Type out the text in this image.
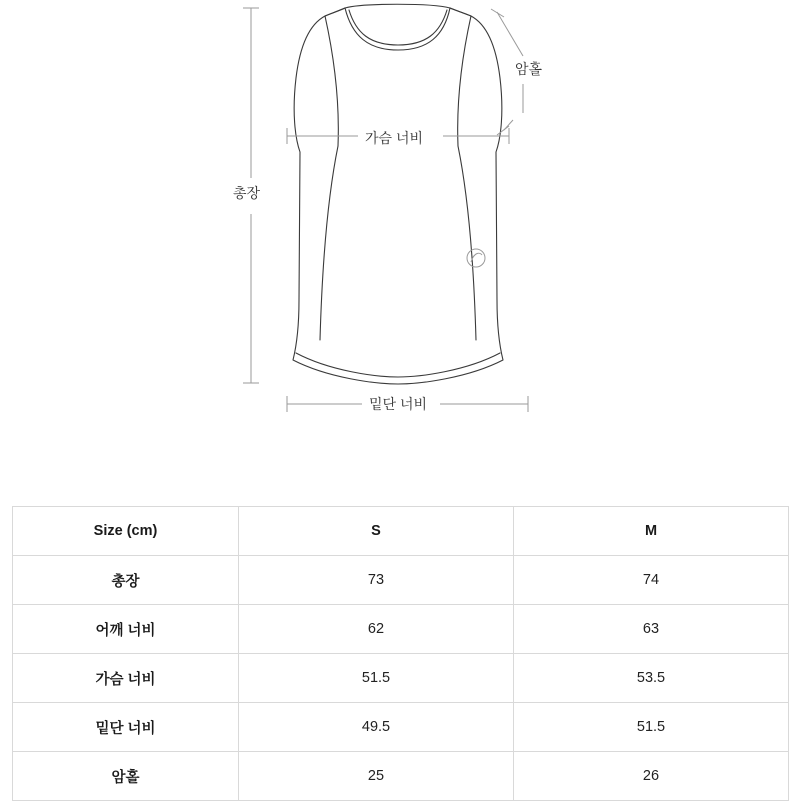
가슴 너비
밑단 너비
총장
암홀
Size (cm)	S	M
총장	73	74
어깨 너비	62	63
가슴 너비	51.5	53.5
밑단 너비	49.5	51.5
암홀	25	26
